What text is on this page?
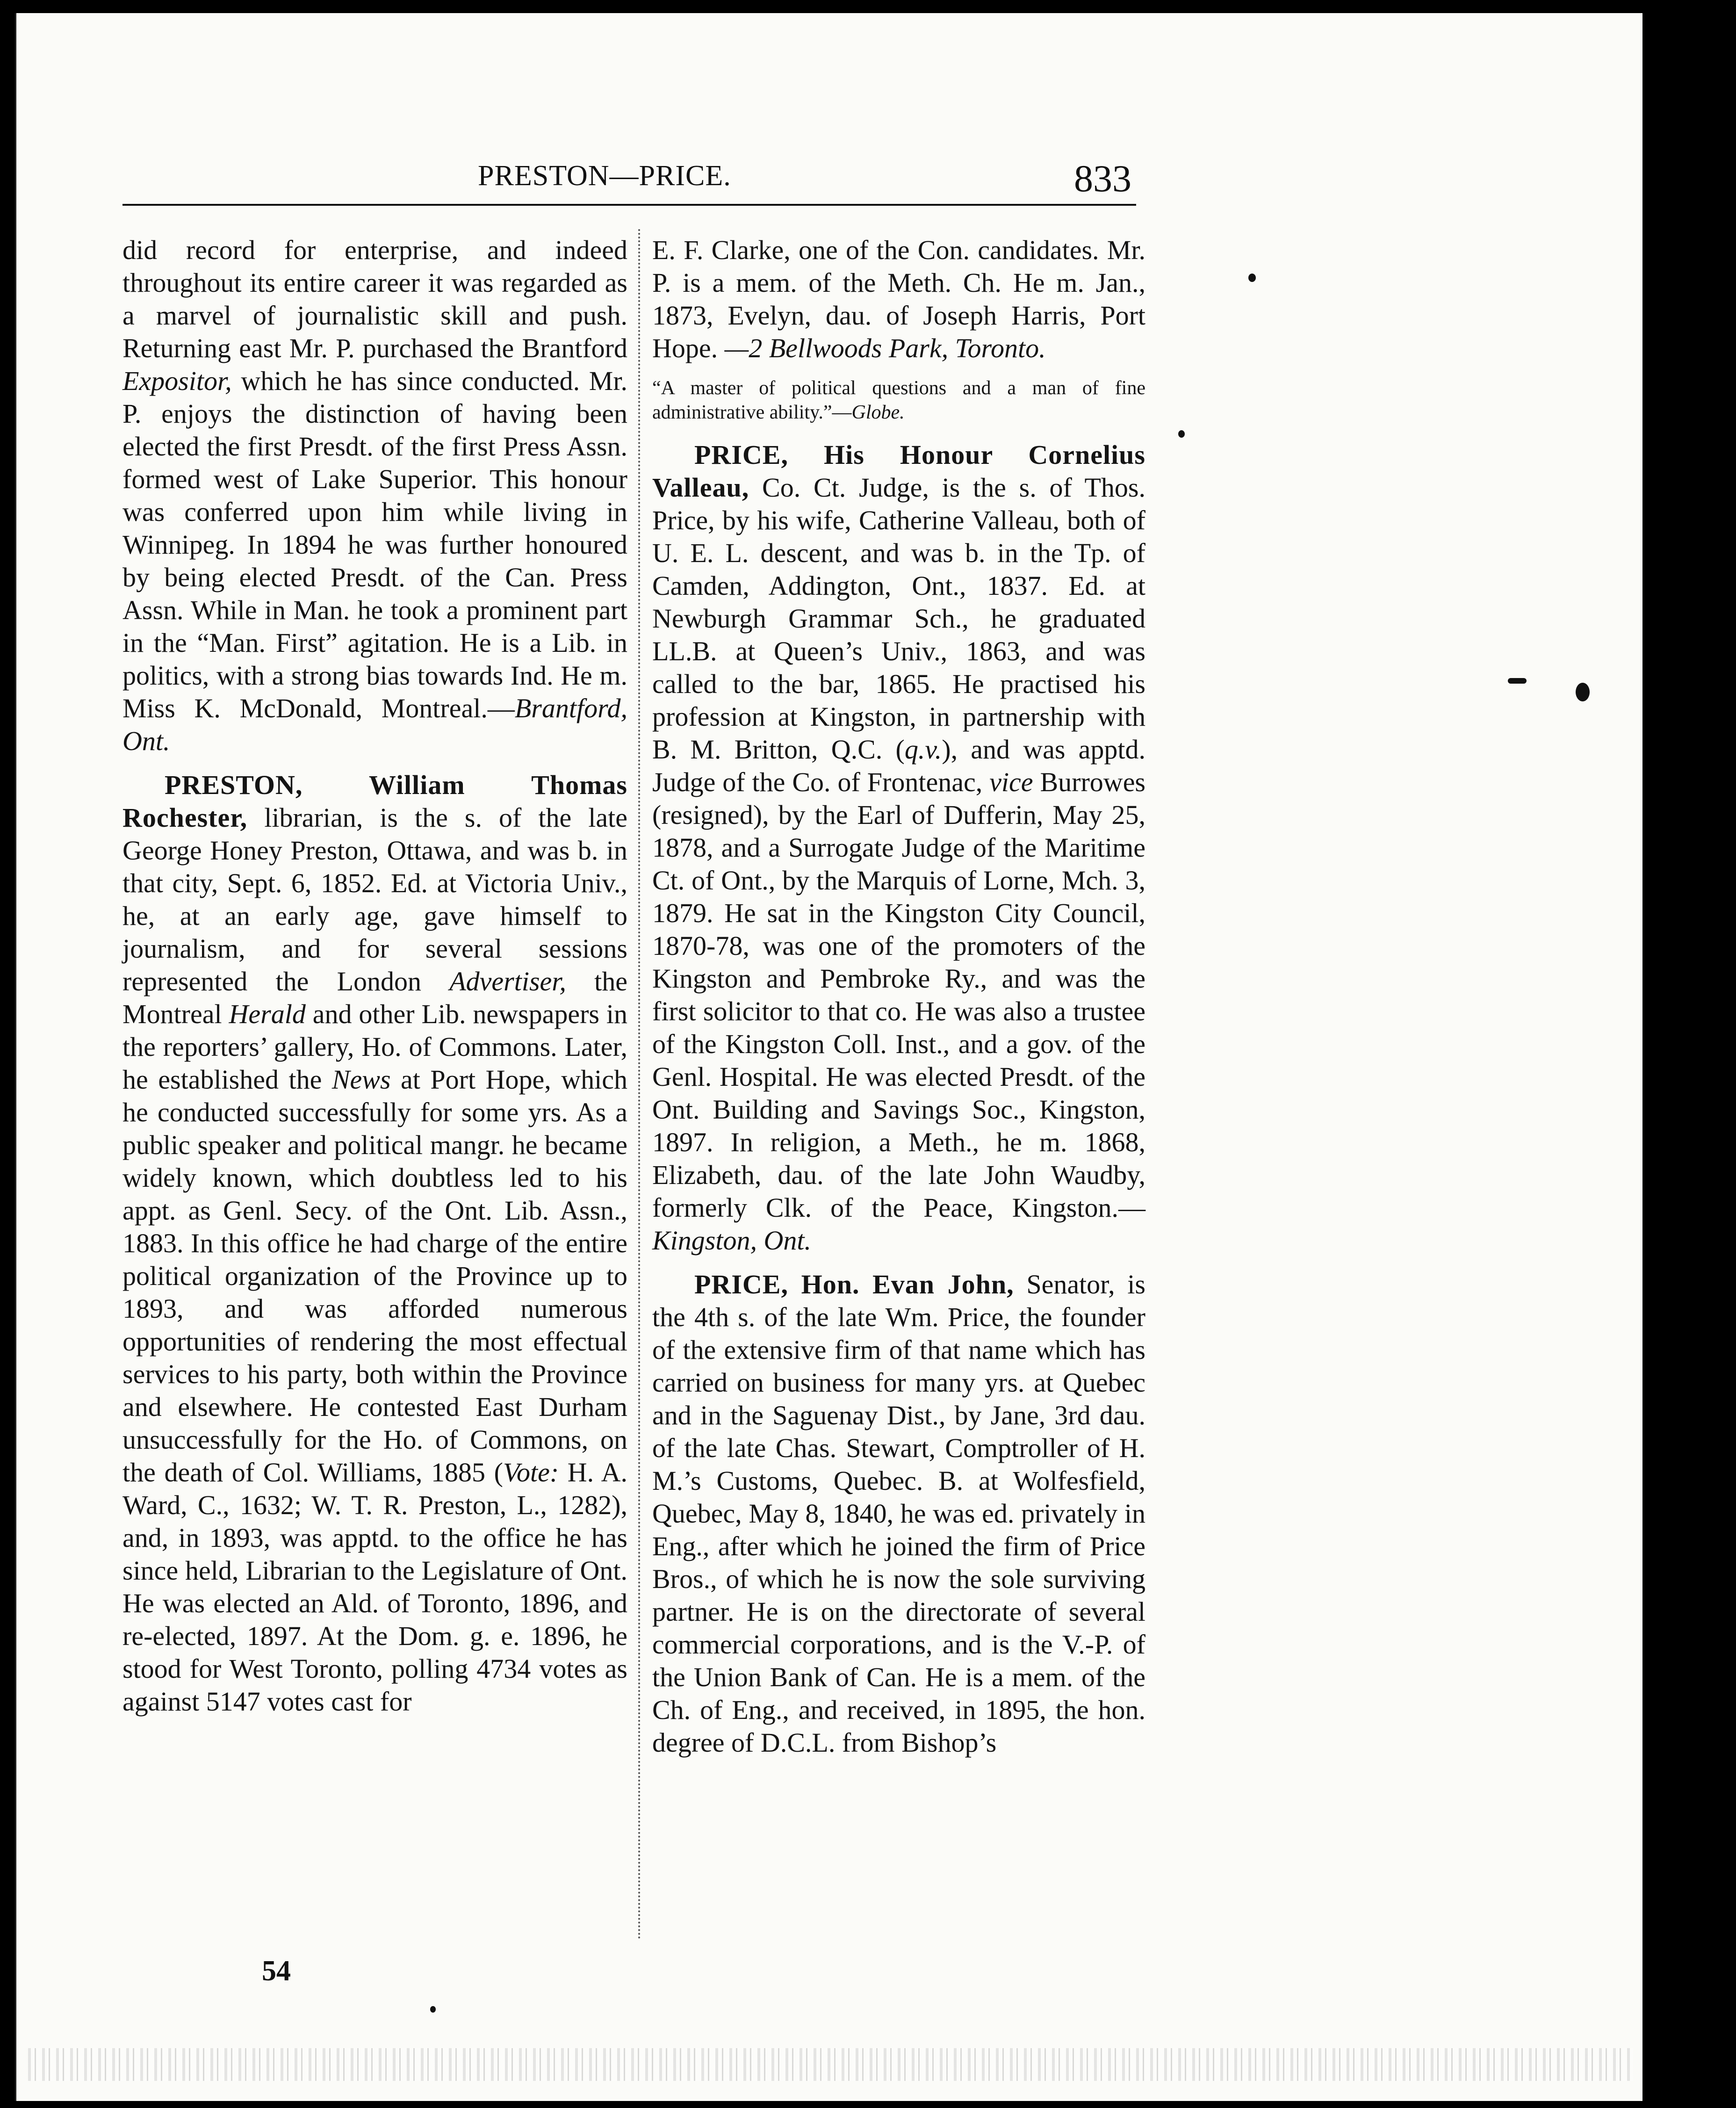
PRESTON—PRICE.	833

did record for enterprise, and indeed throughout its entire career it was regarded as a marvel of journalistic skill and push. Returning east Mr. P. purchased the Brantford Expositor, which he has since conducted. Mr. P. enjoys the distinction of having been elected the first Presdt. of the first Press Assn. formed west of Lake Superior. This honour was conferred upon him while living in Winnipeg. In 1894 he was further honoured by being elected Presdt. of the Can. Press Assn. While in Man. he took a prominent part in the “Man. First” agitation. He is a Lib. in politics, with a strong bias towards Ind. He m. Miss K. McDonald, Montreal.—Brantford, Ont.

PRESTON, William Thomas Rochester, librarian, is the s. of the late George Honey Preston, Ottawa, and was b. in that city, Sept. 6, 1852. Ed. at Victoria Univ., he, at an early age, gave himself to journalism, and for several sessions represented the London Advertiser, the Montreal Herald and other Lib. newspapers in the reporters’ gallery, Ho. of Commons. Later, he established the News at Port Hope, which he conducted successfully for some yrs. As a public speaker and political mangr. he became widely known, which doubtless led to his appt. as Genl. Secy. of the Ont. Lib. Assn., 1883. In this office he had charge of the entire political organization of the Province up to 1893, and was afforded numerous opportunities of rendering the most effectual services to his party, both within the Province and elsewhere. He contested East Durham unsuccessfully for the Ho. of Commons, on the death of Col. Williams, 1885 (Vote: H. A. Ward, C., 1632; W. T. R. Preston, L., 1282), and, in 1893, was apptd. to the office he has since held, Librarian to the Legislature of Ont. He was elected an Ald. of Toronto, 1896, and re-elected, 1897. At the Dom. g. e. 1896, he stood for West Toronto, polling 4734 votes as against 5147 votes cast for

E. F. Clarke, one of the Con. candidates. Mr. P. is a mem. of the Meth. Ch. He m. Jan., 1873, Evelyn, dau. of Joseph Harris, Port Hope. —2 Bellwoods Park, Toronto.

“A master of political questions and a man of fine administrative ability.”—Globe.

PRICE, His Honour Cornelius Valleau, Co. Ct. Judge, is the s. of Thos. Price, by his wife, Catherine Valleau, both of U. E. L. descent, and was b. in the Tp. of Camden, Addington, Ont., 1837. Ed. at Newburgh Grammar Sch., he graduated LL.B. at Queen’s Univ., 1863, and was called to the bar, 1865. He practised his profession at Kingston, in partnership with B. M. Britton, Q.C. (q.v.), and was apptd. Judge of the Co. of Frontenac, vice Burrowes (resigned), by the Earl of Dufferin, May 25, 1878, and a Surrogate Judge of the Maritime Ct. of Ont., by the Marquis of Lorne, Mch. 3, 1879. He sat in the Kingston City Council, 1870-78, was one of the promoters of the Kingston and Pembroke Ry., and was the first solicitor to that co. He was also a trustee of the Kingston Coll. Inst., and a gov. of the Genl. Hospital. He was elected Presdt. of the Ont. Building and Savings Soc., Kingston, 1897. In religion, a Meth., he m. 1868, Elizabeth, dau. of the late John Waudby, formerly Clk. of the Peace, Kingston.—Kingston, Ont.

PRICE, Hon. Evan John, Senator, is the 4th s. of the late Wm. Price, the founder of the extensive firm of that name which has carried on business for many yrs. at Quebec and in the Saguenay Dist., by Jane, 3rd dau. of the late Chas. Stewart, Comptroller of H. M.’s Customs, Quebec. B. at Wolfesfield, Quebec, May 8, 1840, he was ed. privately in Eng., after which he joined the firm of Price Bros., of which he is now the sole surviving partner. He is on the directorate of several commercial corporations, and is the V.-P. of the Union Bank of Can. He is a mem. of the Ch. of Eng., and received, in 1895, the hon. degree of D.C.L. from Bishop’s

54
